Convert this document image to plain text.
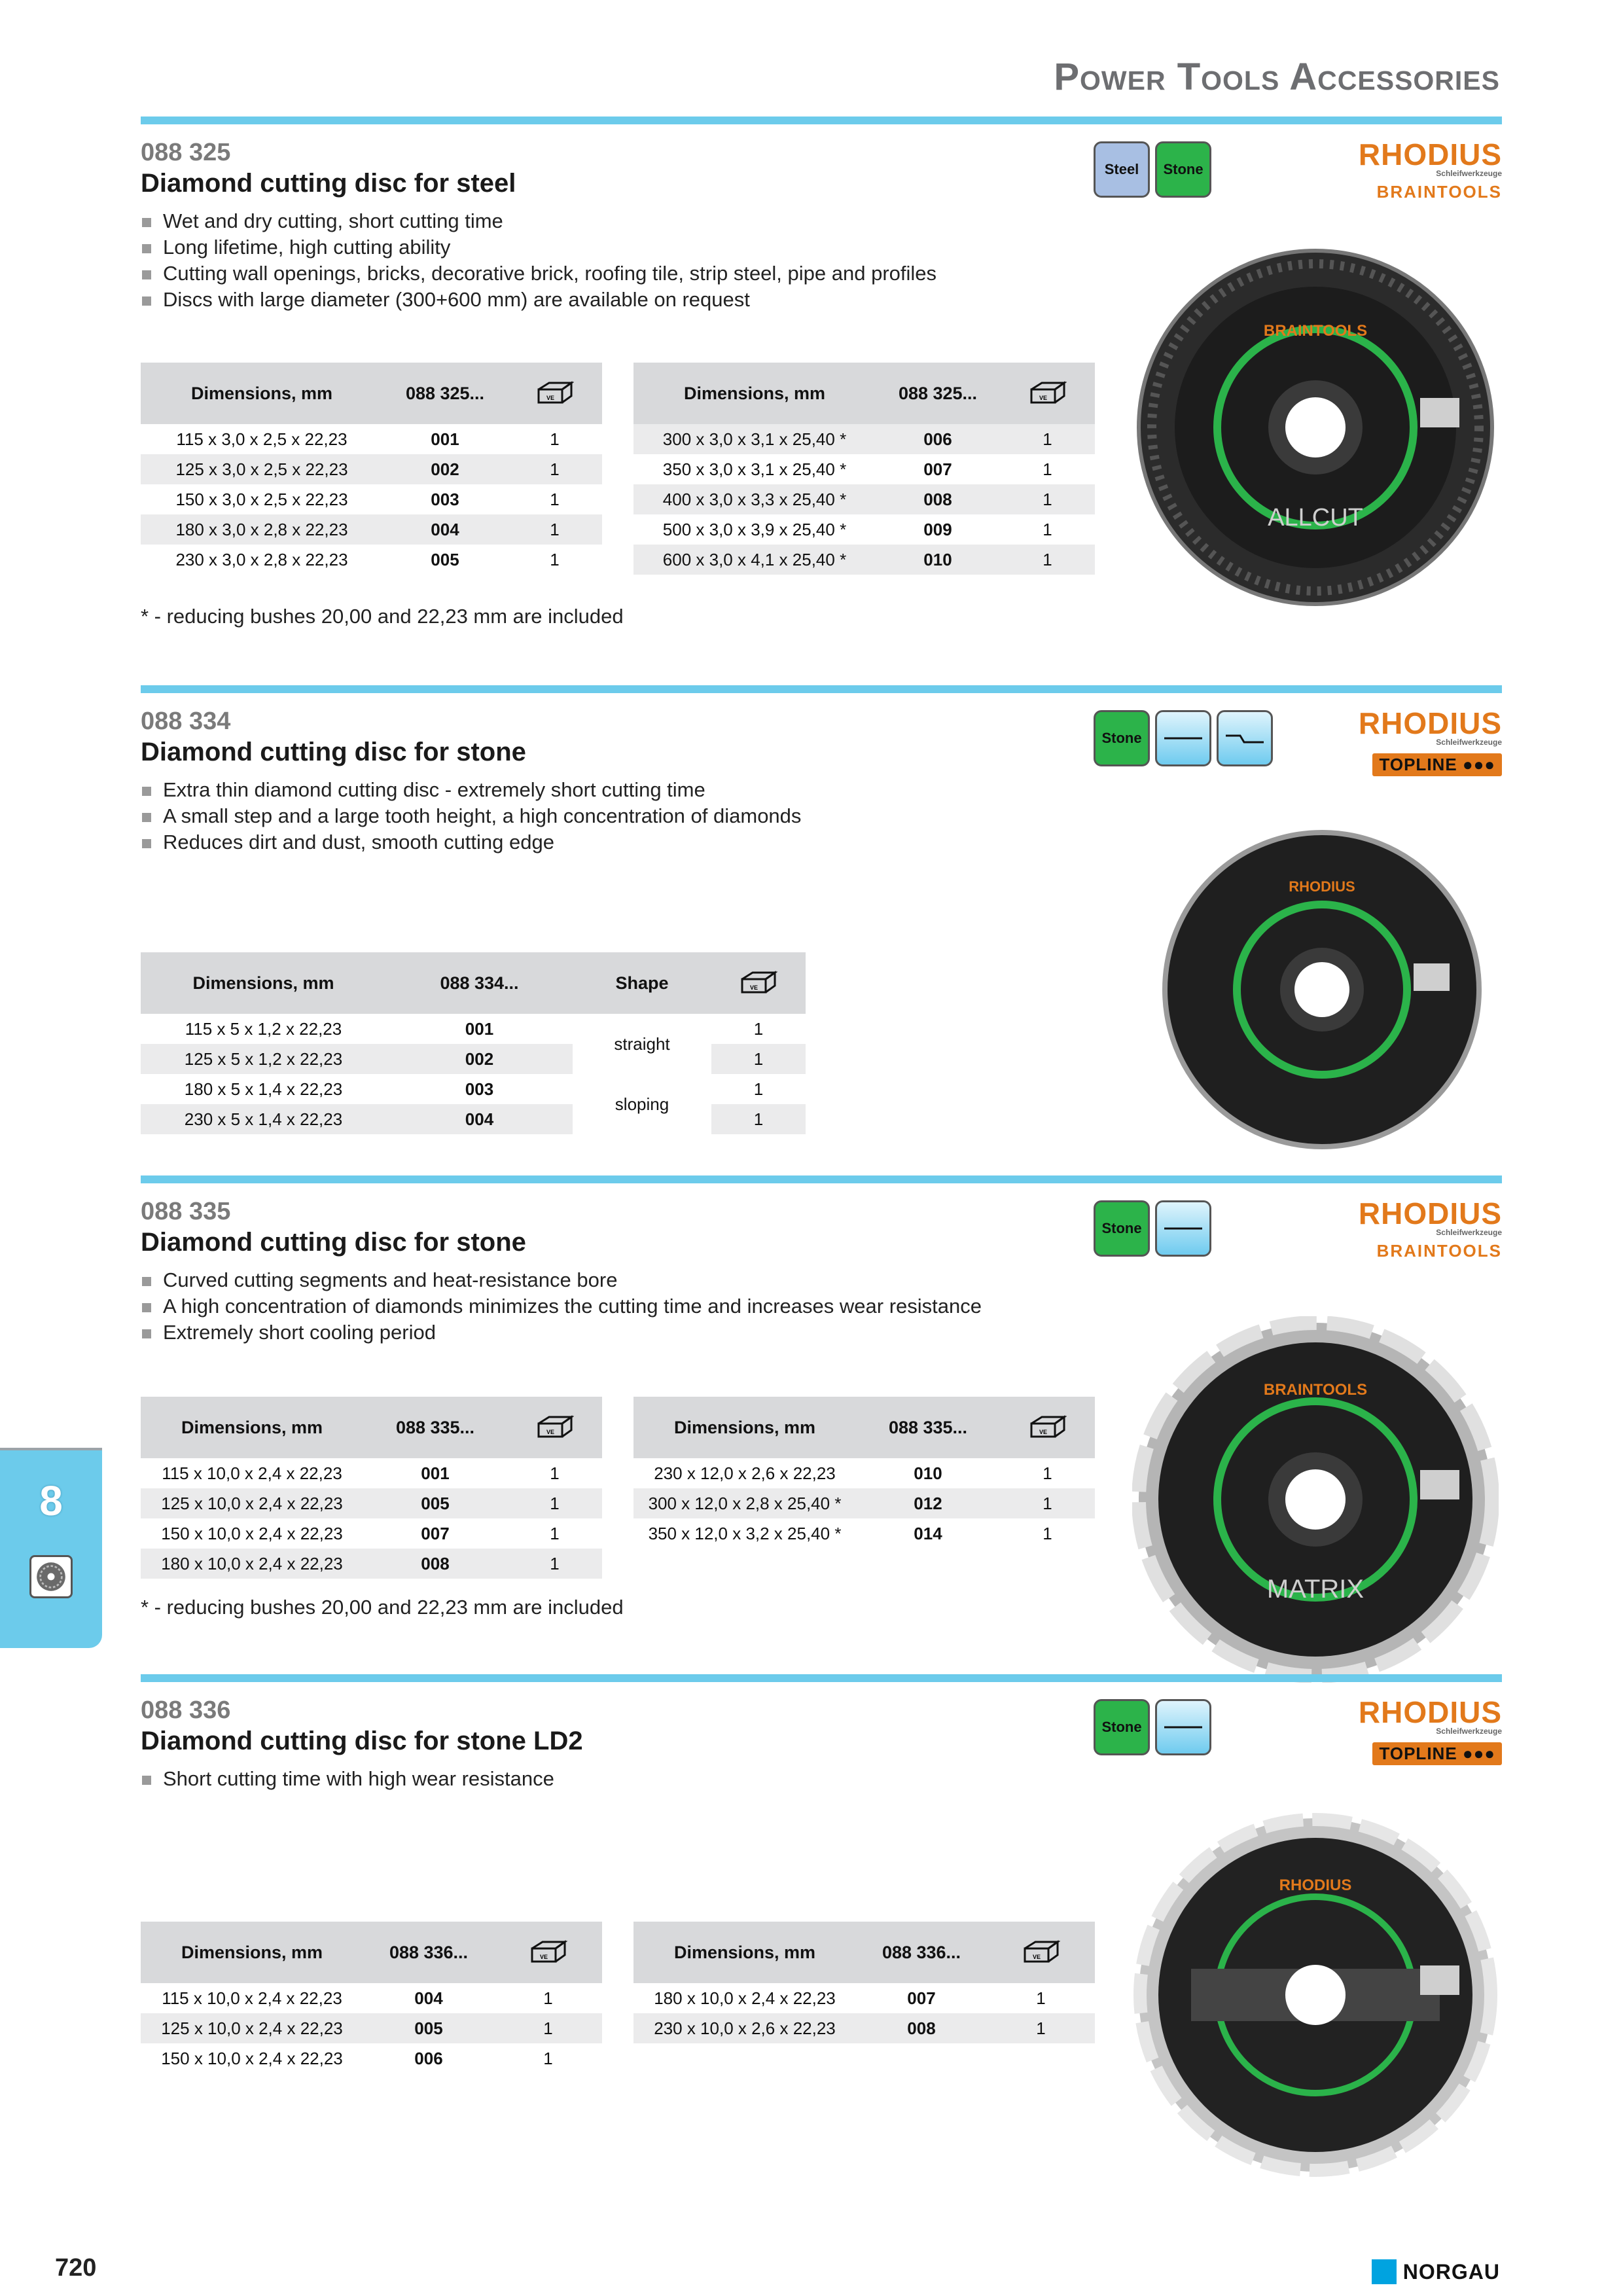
Power Tools Accessories
088 325
Diamond cutting disc for steel
Wet and dry cutting, short cutting time
Long lifetime, high cutting ability
Cutting wall openings, bricks, decorative brick, roofing tile, strip steel, pipe and profiles
Discs with large diameter (300+600 mm) are available on request
Steel	Stone	RHODIUS
Schleifwerkzeuge
BRAINTOOLS
Dimensions, mm	088 325...	VE

115 x 3,0 x 2,5 x 22,23	001	1
125 x 3,0 x 2,5 x 22,23	002	1
150 x 3,0 x 2,5 x 22,23	003	1
180 x 3,0 x 2,8 x 22,23	004	1
230 x 3,0 x 2,8 x 22,23	005	1
Dimensions, mm	088 325...	VE

300 x 3,0 x 3,1 x 25,40 *	006	1
350 x 3,0 x 3,1 x 25,40 *	007	1
400 x 3,0 x 3,3 x 25,40 *	008	1
500 x 3,0 x 3,9 x 25,40 *	009	1
600 x 3,0 x 4,1 x 25,40 *	010	1
* - reducing bushes 20,00 and 22,23 mm are included
BRAINTOOLS
ALLCUT
088 334
Diamond cutting disc for stone
Extra thin diamond cutting disc - extremely short cutting time
A small step and a large tooth height, a high concentration of diamonds
Reduces dirt and dust, smooth cutting edge
Stone	RHODIUS
Schleifwerkzeuge
TOPLINE ●●●
Dimensions, mm	088 334...	Shape	VE

115 x 5 x 1,2 x 22,23	001	straight	1
125 x 5 x 1,2 x 22,23	002		1
180 x 5 x 1,4 x 22,23	003	sloping	1
230 x 5 x 1,4 x 22,23	004		1
RHODIUS
088 335
Diamond cutting disc for stone
Curved cutting segments and heat-resistance bore
A high concentration of diamonds minimizes the cutting time and increases wear resistance
Extremely short cooling period
Stone	RHODIUS
Schleifwerkzeuge
BRAINTOOLS
Dimensions, mm	088 335...	VE

115 x 10,0 x 2,4 x 22,23	001	1
125 x 10,0 x 2,4 x 22,23	005	1
150 x 10,0 x 2,4 x 22,23	007	1
180 x 10,0 x 2,4 x 22,23	008	1
Dimensions, mm	088 335...	VE

230 x 12,0 x 2,6 x 22,23	010	1
300 x 12,0 x 2,8 x 25,40 *	012	1
350 x 12,0 x 3,2 x 25,40 *	014	1
* - reducing bushes 20,00 and 22,23 mm are included
BRAINTOOLS
MATRIX
088 336
Diamond cutting disc for stone LD2
Short cutting time with high wear resistance
Stone	RHODIUS
Schleifwerkzeuge
TOPLINE ●●●
Dimensions, mm	088 336...	VE

115 x 10,0 x 2,4 x 22,23	004	1
125 x 10,0 x 2,4 x 22,23	005	1
150 x 10,0 x 2,4 x 22,23	006	1
Dimensions, mm	088 336...	VE

180 x 10,0 x 2,4 x 22,23	007	1
230 x 10,0 x 2,6 x 22,23	008	1
RHODIUS
8
720	NORGAU
